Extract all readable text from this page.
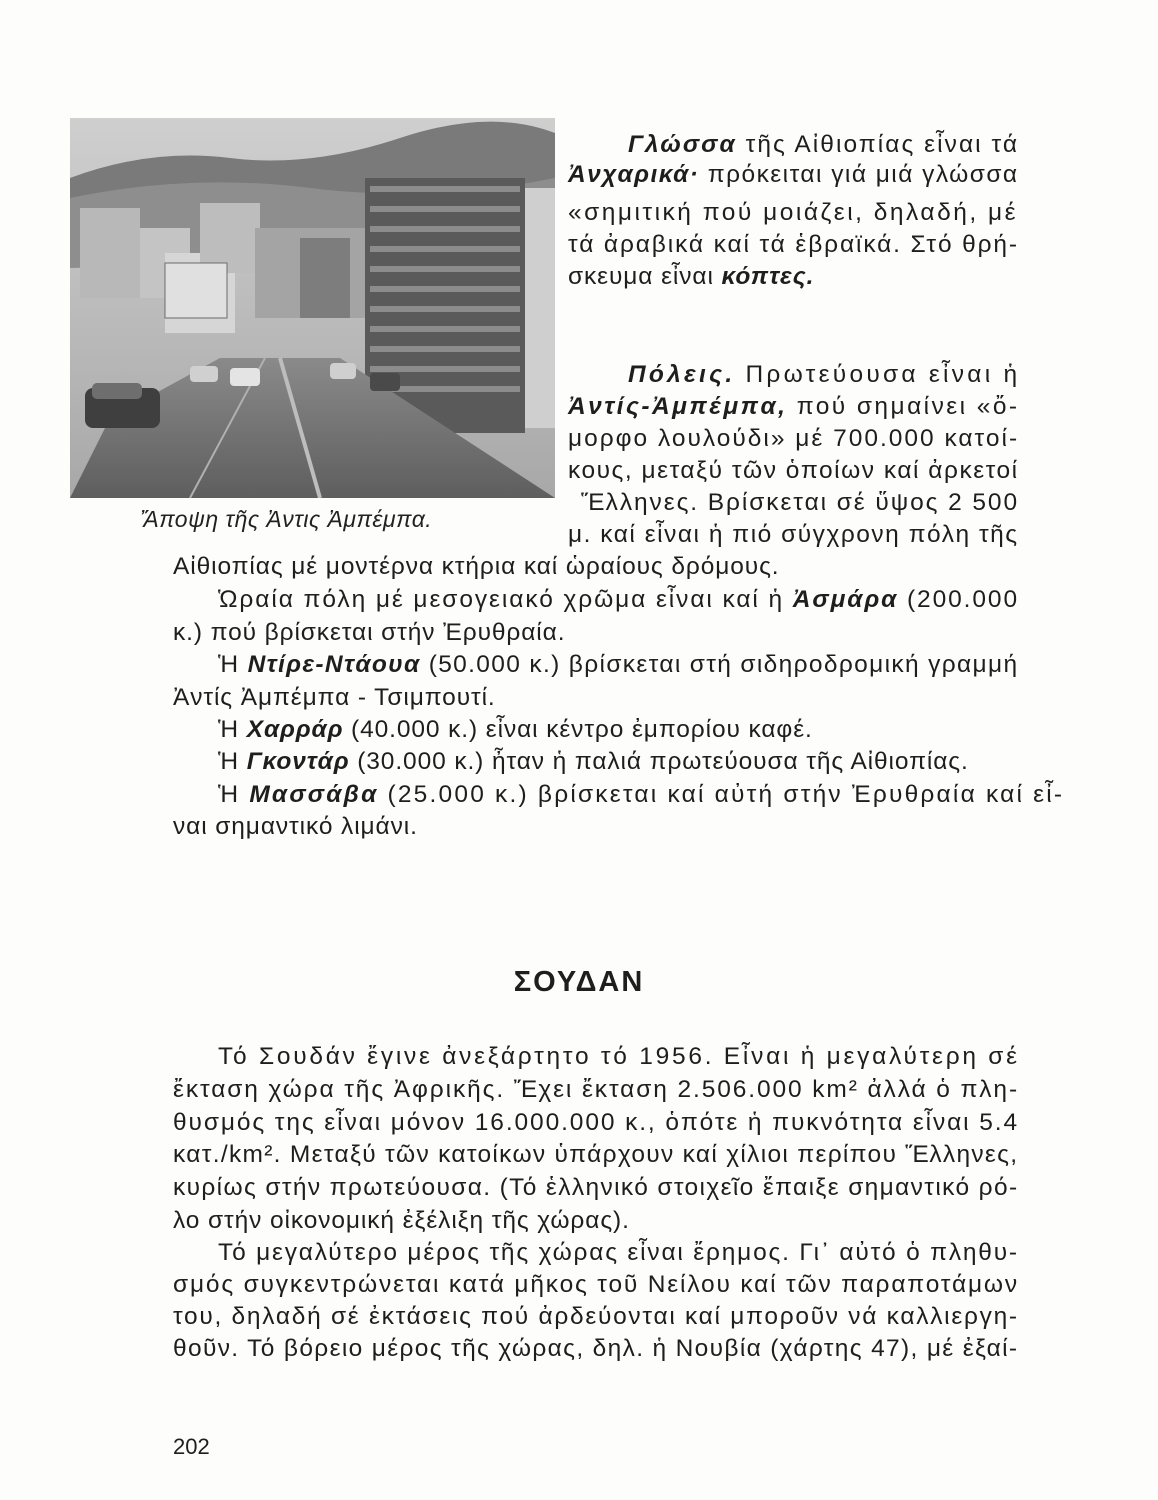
Ἄποψη τῆς Ἀντις Ἀμπέμπα.
Γλώσσα τῆς Αἰθιοπίας εἶναι τά
Ἀνχαρικά· πρόκειται γιά μιά γλώσσα
«σημιτική πού μοιάζει, δηλαδή, μέ
τά ἀραβικά καί τά ἑβραϊκά. Στό θρή-
σκευμα εἶναι κόπτες.
Πόλεις. Πρωτεύουσα εἶναι ἡ
Ἀντίς-Ἀμπέμπα, πού σημαίνει «ὄ-
μορφο λουλούδι» μέ 700.000 κατοί-
κους, μεταξύ τῶν ὁποίων καί ἀρκετοί
Ἕλληνες. Βρίσκεται σέ ὕψος 2 500
μ. καί εἶναι ἡ πιό σύγχρονη πόλη τῆς
Αἰθιοπίας μέ μοντέρνα κτήρια καί ὡραίους δρόμους.
Ὡραία πόλη μέ μεσογειακό χρῶμα εἶναι καί ἡ Ἀσμάρα (200.000
κ.) πού βρίσκεται στήν Ἐρυθραία.
Ἡ Ντίρε-Ντάουα (50.000 κ.) βρίσκεται στή σιδηροδρομική γραμμή
Ἀντίς Ἀμπέμπα - Τσιμπουτί.
Ἡ Χαρράρ (40.000 κ.) εἶναι κέντρο ἐμπορίου καφέ.
Ἡ Γκοντάρ (30.000 κ.) ἦταν ἡ παλιά πρωτεύουσα τῆς Αἰθιοπίας.
Ἡ Μασσάβα (25.000 κ.) βρίσκεται καί αὐτή στήν Ἐρυθραία καί εἶ-
ναι σημαντικό λιμάνι.
ΣΟΥΔΑΝ
Τό Σουδάν ἔγινε ἀνεξάρτητο τό 1956. Εἶναι ἡ μεγαλύτερη σέ
ἔκταση χώρα τῆς Ἀφρικῆς. Ἔχει ἔκταση 2.506.000 km² ἀλλά ὁ πλη-
θυσμός της εἶναι μόνον 16.000.000 κ., ὁπότε ἡ πυκνότητα εἶναι 5.4
κατ./km². Μεταξύ τῶν κατοίκων ὑπάρχουν καί χίλιοι περίπου Ἕλληνες,
κυρίως στήν πρωτεύουσα. (Τό ἑλληνικό στοιχεῖο ἔπαιξε σημαντικό ρό-
λο στήν οἰκονομική ἐξέλιξη τῆς χώρας).
Τό μεγαλύτερο μέρος τῆς χώρας εἶναι ἔρημος. Γι᾽ αὐτό ὁ πληθυ-
σμός συγκεντρώνεται κατά μῆκος τοῦ Νείλου καί τῶν παραποτάμων
του, δηλαδή σέ ἐκτάσεις πού ἀρδεύονται καί μποροῦν νά καλλιεργη-
θοῦν. Τό βόρειο μέρος τῆς χώρας, δηλ. ἡ Νουβία (χάρτης 47), μέ ἐξαί-
202
